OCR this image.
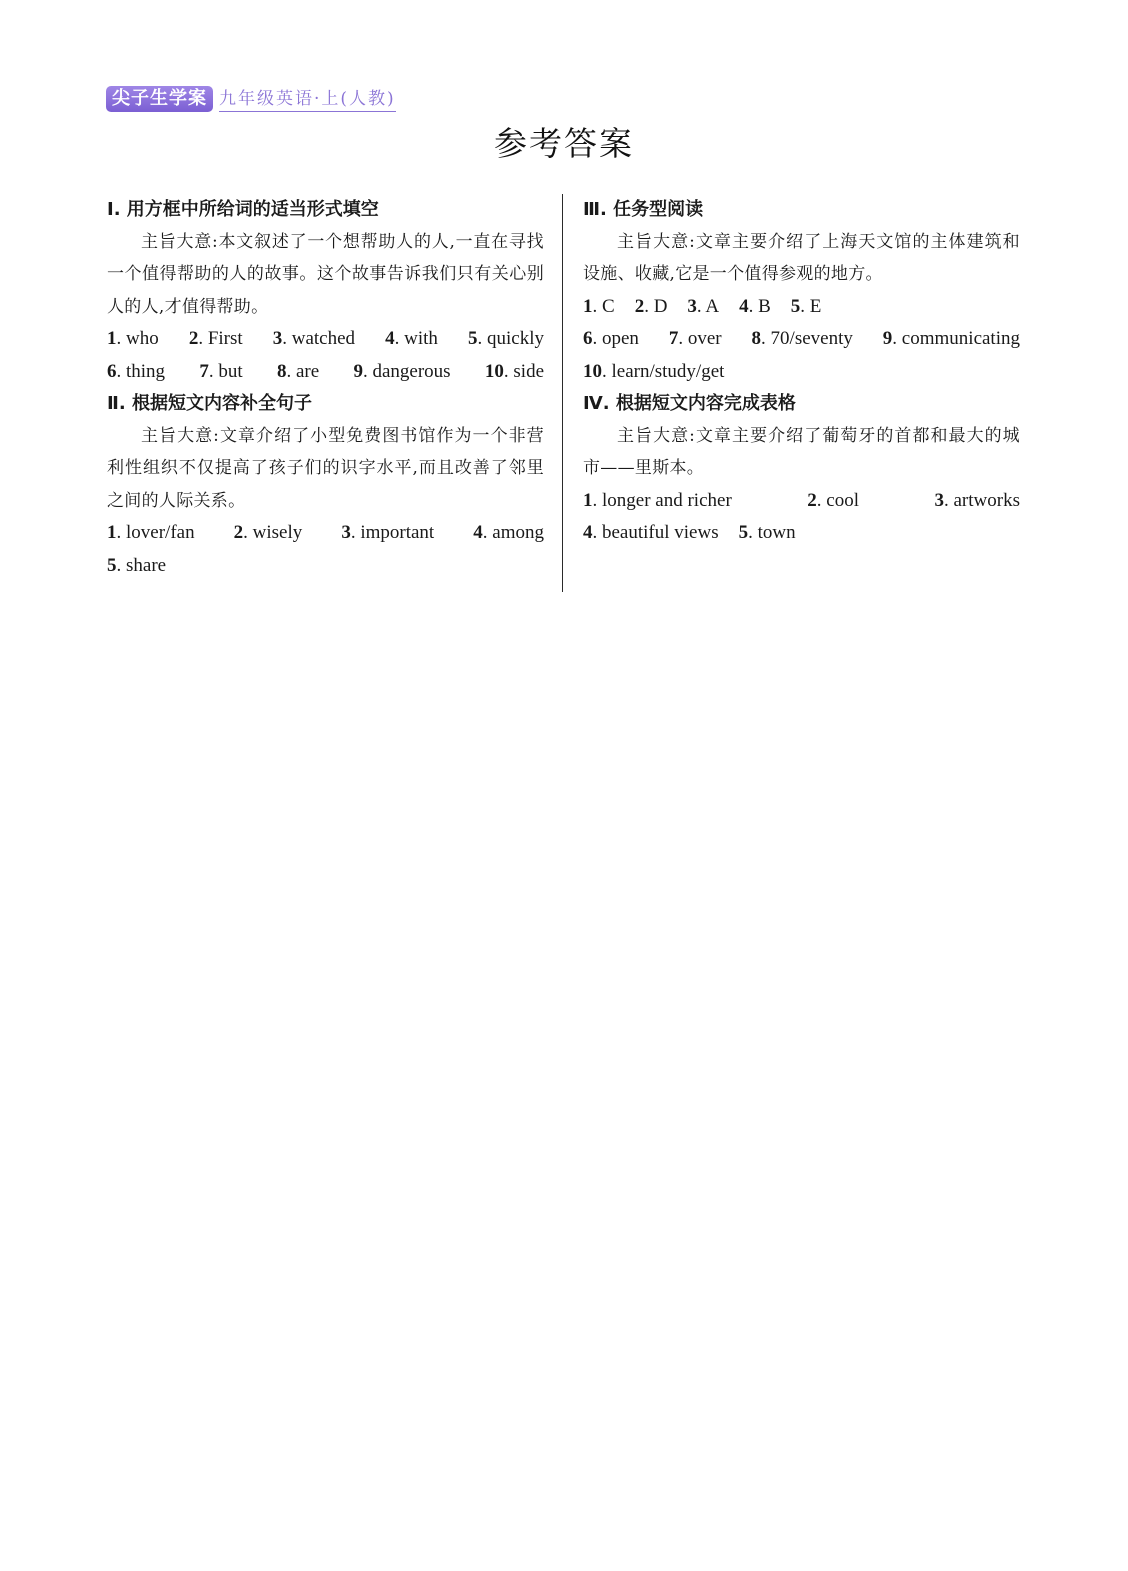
尖子生学案 九年级英语·上(人教)
参考答案
Ⅰ. 用方框中所给词的适当形式填空
主旨大意:本文叙述了一个想帮助人的人,一直在寻找一个值得帮助的人的故事。这个故事告诉我们只有关心别人的人,才值得帮助。
1. who 2. First 3. watched 4. with 5. quickly
6. thing 7. but 8. are 9. dangerous 10. side
Ⅱ. 根据短文内容补全句子
主旨大意:文章介绍了小型免费图书馆作为一个非营利性组织不仅提高了孩子们的识字水平,而且改善了邻里之间的人际关系。
1. lover/fan 2. wisely 3. important 4. among
5. share
Ⅲ. 任务型阅读
主旨大意:文章主要介绍了上海天文馆的主体建筑和设施、收藏,它是一个值得参观的地方。
1. C 2. D 3. A 4. B 5. E
6. open 7. over 8. 70/seventy 9. communicating
10. learn/study/get
Ⅳ. 根据短文内容完成表格
主旨大意:文章主要介绍了葡萄牙的首都和最大的城市——里斯本。
1. longer and richer	2. cool	3. artworks
4. beautiful views 5. town
